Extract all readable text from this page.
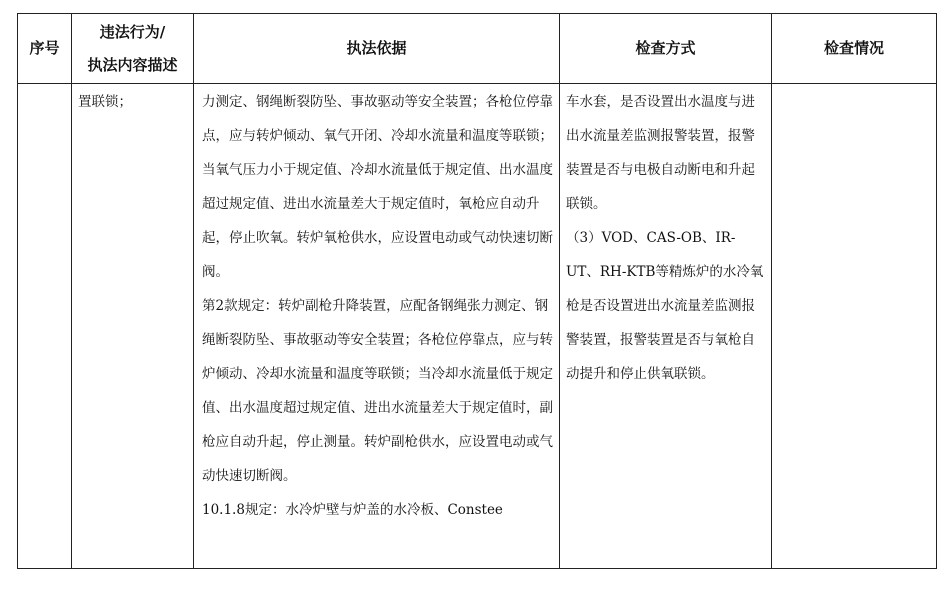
序号	违法行为/
执法内容描述	执法依据	检查方式	检查情况
	置联锁；	力测定、钢绳断裂防坠、事故驱动等安全装置；各枪位停靠点，应与转炉倾动、氧气开闭、冷却水流量和温度等联锁；当氧气压力小于规定值、冷却水流量低于规定值、出水温度超过规定值、进出水流量差大于规定值时，氧枪应自动升起，停止吹氧。转炉氧枪供水，应设置电动或气动快速切断阀。
第2款规定：转炉副枪升降装置，应配备钢绳张力测定、钢绳断裂防坠、事故驱动等安全装置；各枪位停靠点，应与转炉倾动、冷却水流量和温度等联锁；当冷却水流量低于规定值、出水温度超过规定值、进出水流量差大于规定值时，副枪应自动升起，停止测量。转炉副枪供水，应设置电动或气动快速切断阀。
10.1.8规定：水冷炉壁与炉盖的水冷板、Constee	车水套，是否设置出水温度与进出水流量差监测报警装置，报警装置是否与电极自动断电和升起联锁。
（3）VOD、CAS-OB、IR-UT、RH-KTB等精炼炉的水冷氧枪是否设置进出水流量差监测报警装置，报警装置是否与氧枪自动提升和停止供氧联锁。	
